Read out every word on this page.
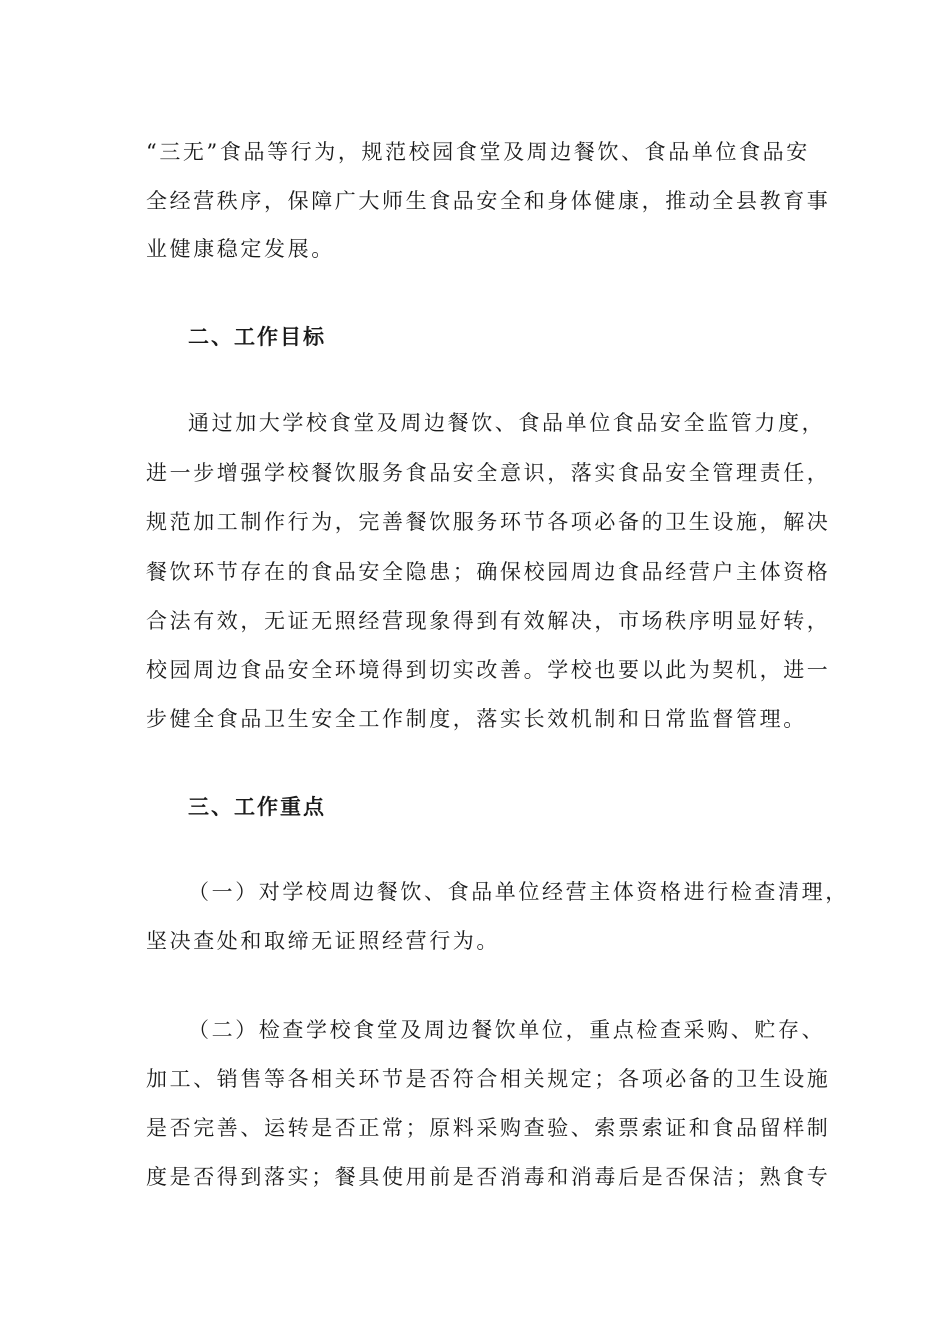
“三无”食品等行为，规范校园食堂及周边餐饮、食品单位食品安
全经营秩序，保障广大师生食品安全和身体健康，推动全县教育事
业健康稳定发展。
二、工作目标
通过加大学校食堂及周边餐饮、食品单位食品安全监管力度，
进一步增强学校餐饮服务食品安全意识，落实食品安全管理责任，
规范加工制作行为，完善餐饮服务环节各项必备的卫生设施，解决
餐饮环节存在的食品安全隐患；确保校园周边食品经营户主体资格
合法有效，无证无照经营现象得到有效解决，市场秩序明显好转，
校园周边食品安全环境得到切实改善。学校也要以此为契机，进一
步健全食品卫生安全工作制度，落实长效机制和日常监督管理。
三、工作重点
（一）对学校周边餐饮、食品单位经营主体资格进行检查清理，
坚决查处和取缔无证照经营行为。
（二）检查学校食堂及周边餐饮单位，重点检查采购、贮存、
加工、销售等各相关环节是否符合相关规定；各项必备的卫生设施
是否完善、运转是否正常；原料采购查验、索票索证和食品留样制
度是否得到落实；餐具使用前是否消毒和消毒后是否保洁；熟食专
